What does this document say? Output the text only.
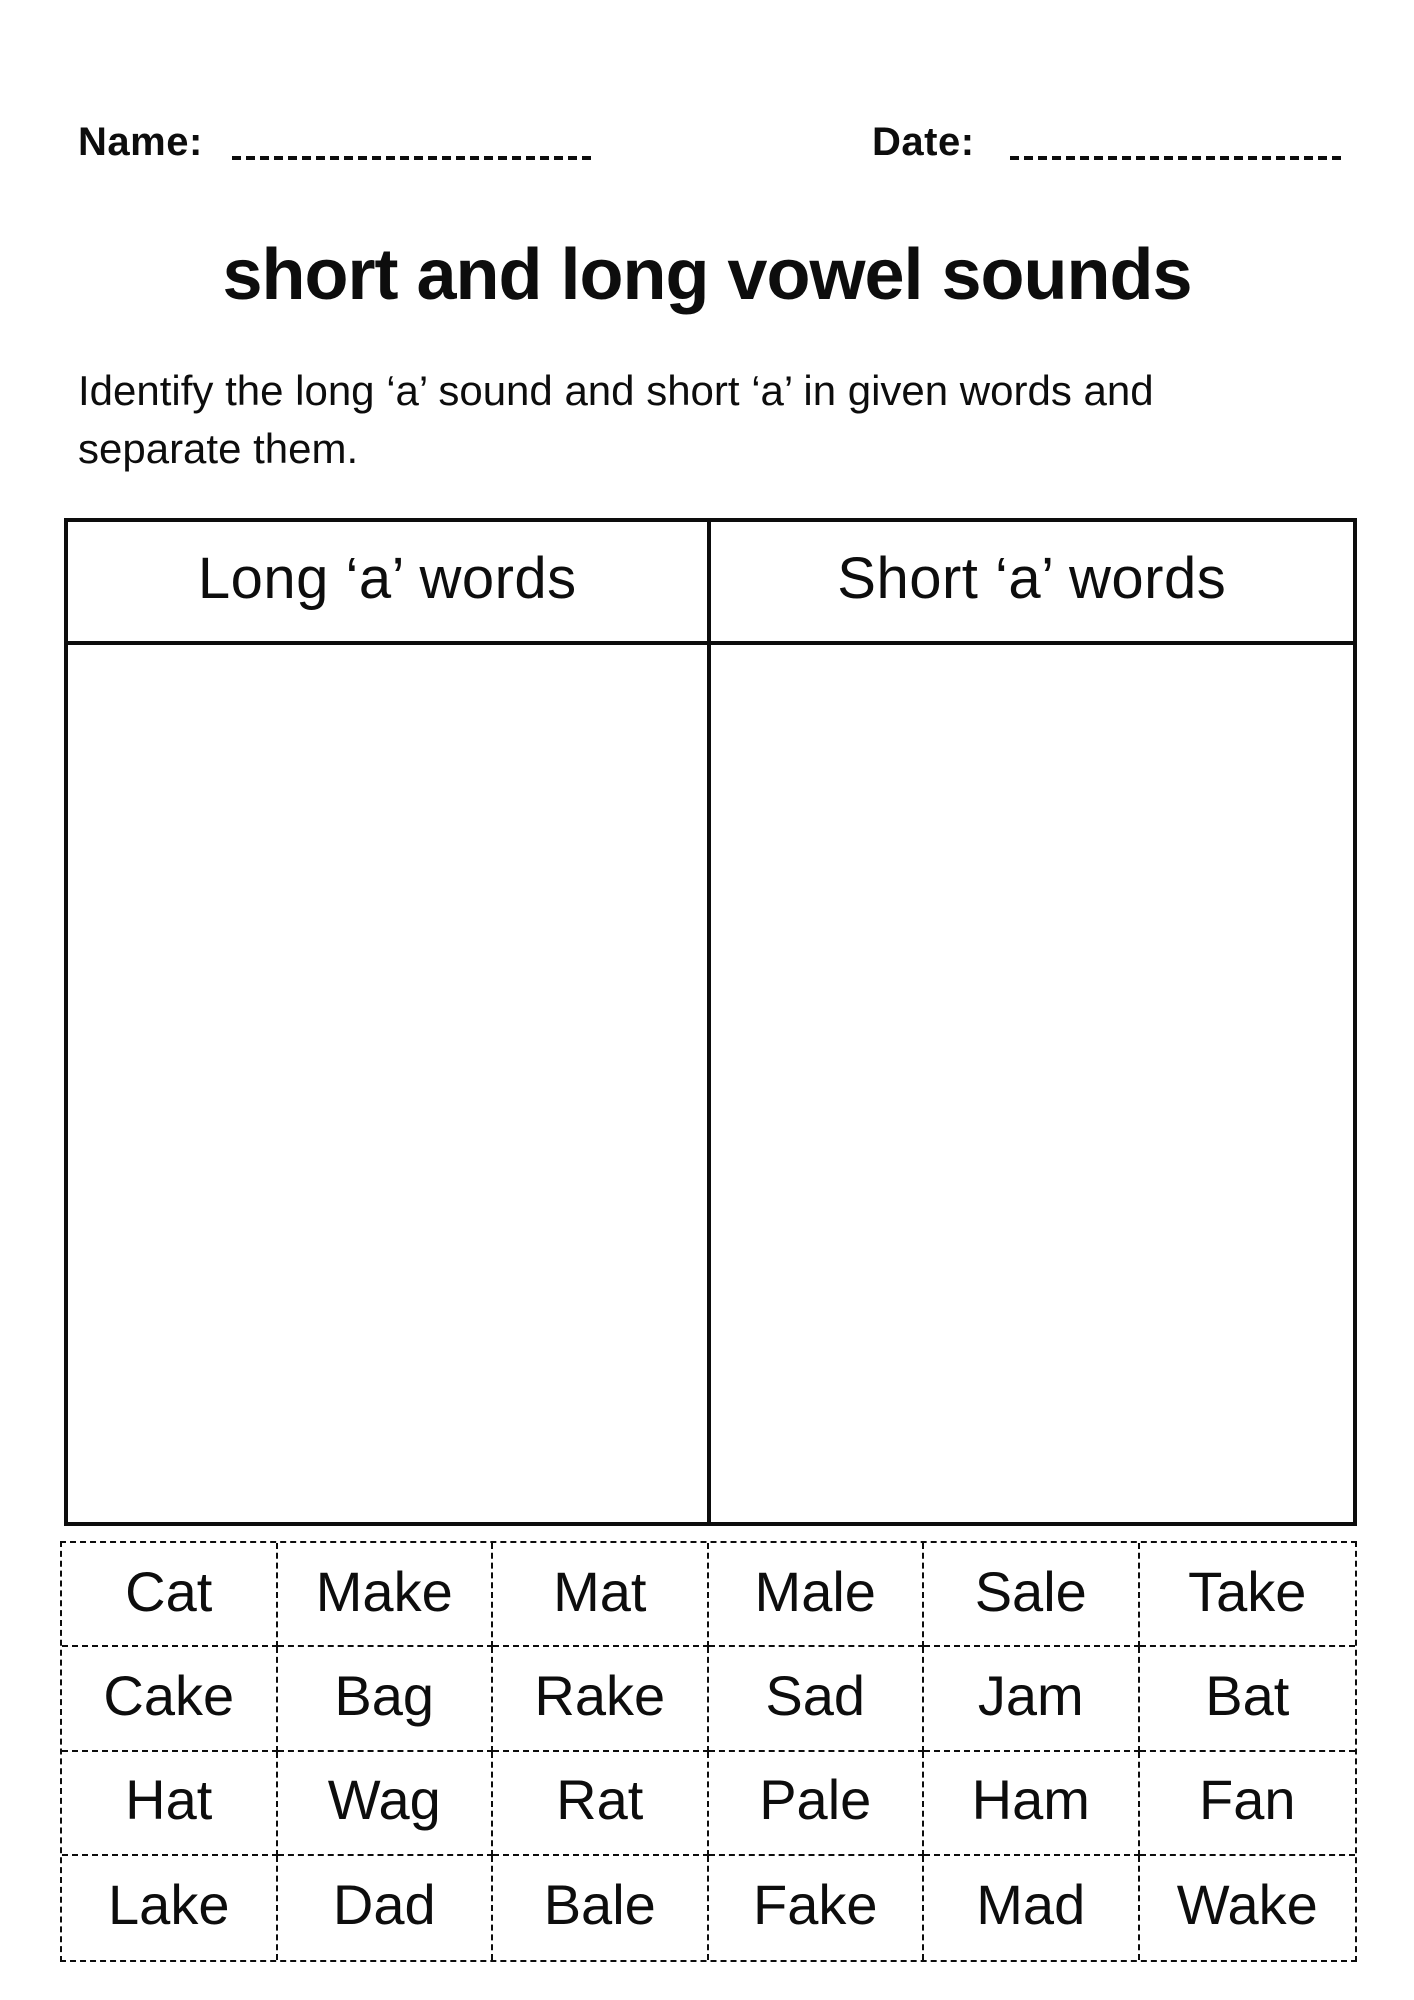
Name:	Date:
short and long vowel sounds
Identify the long ‘a’ sound and short ‘a’ in given words and
separate them.
Long ‘a’ words	Short ‘a’ words
Cat	Make	Mat	Male	Sale	Take
Cake	Bag	Rake	Sad	Jam	Bat
Hat	Wag	Rat	Pale	Ham	Fan
Lake	Dad	Bale	Fake	Mad	Wake
